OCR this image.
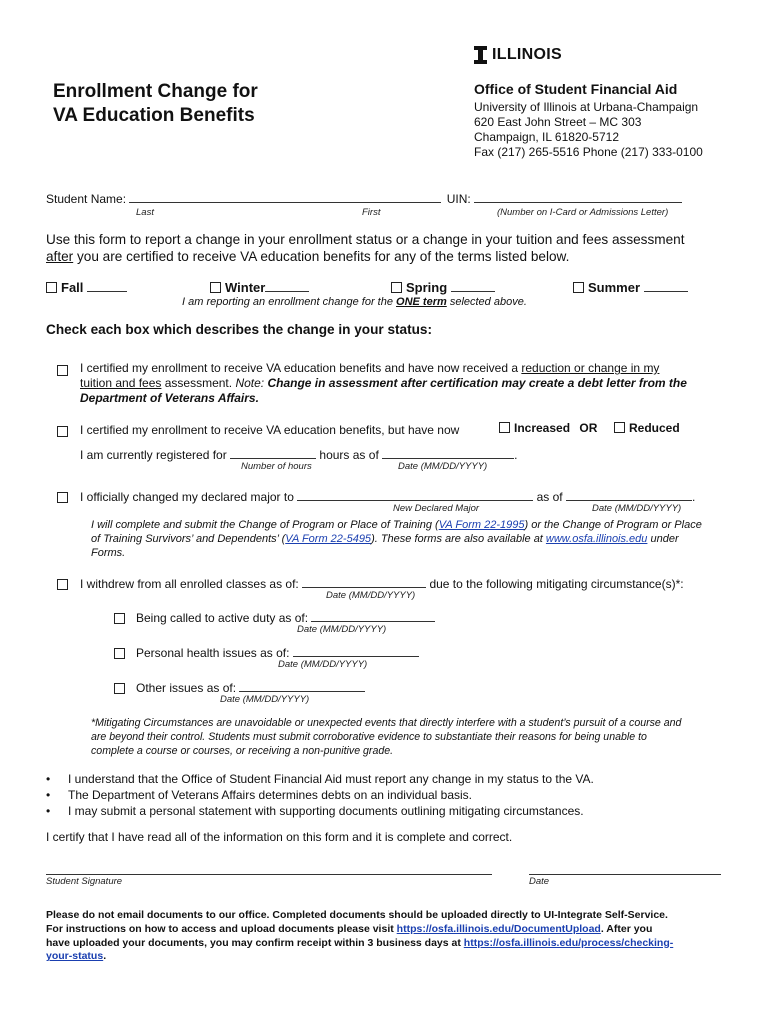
ILLINOIS
Enrollment Change for
VA Education Benefits
Office of Student Financial Aid
University of Illinois at Urbana-Champaign
620 East John Street – MC 303
Champaign, IL 61820-5712
Fax (217) 265-5516 Phone (217) 333-0100
Student Name:	UIN:
Last	First	(Number on I-Card or Admissions Letter)
Use this form to report a change in your enrollment status or a change in your tuition and fees assessment
after you are certified to receive VA education benefits for any of the terms listed below.
Fall	Winter	Spring	Summer
I am reporting an enrollment change for the ONE term selected above.
Check each box which describes the change in your status:
I certified my enrollment to receive VA education benefits and have now received a reduction or change in my
tuition and fees assessment. Note: Change in assessment after certification may create a debt letter from the
Department of Veterans Affairs.
I certified my enrollment to receive VA education benefits, but have now	Increased OR	Reduced
I am currently registered for	hours as of	.
Number of hours	Date (MM/DD/YYYY)
I officially changed my declared major to	as of	.
New Declared Major	Date (MM/DD/YYYY)
I will complete and submit the Change of Program or Place of Training (VA Form 22-1995) or the Change of Program or Place
of Training Survivors’ and Dependents’ (VA Form 22-5495). These forms are also available at www.osfa.illinois.edu under
Forms.
I withdrew from all enrolled classes as of:	due to the following mitigating circumstance(s)*:
Date (MM/DD/YYYY)
Being called to active duty as of:
Date (MM/DD/YYYY)
Personal health issues as of:
Date (MM/DD/YYYY)
Other issues as of:
Date (MM/DD/YYYY)
*Mitigating Circumstances are unavoidable or unexpected events that directly interfere with a student’s pursuit of a course and
are beyond their control. Students must submit corroborative evidence to substantiate their reasons for being unable to
complete a course or courses, or receiving a non-punitive grade.
• I understand that the Office of Student Financial Aid must report any change in my status to the VA.
• The Department of Veterans Affairs determines debts on an individual basis.
• I may submit a personal statement with supporting documents outlining mitigating circumstances.
I certify that I have read all of the information on this form and it is complete and correct.
Student Signature	Date
Please do not email documents to our office. Completed documents should be uploaded directly to UI-Integrate Self-Service.
For instructions on how to access and upload documents please visit https://osfa.illinois.edu/DocumentUpload. After you
have uploaded your documents, you may confirm receipt within 3 business days at https://osfa.illinois.edu/process/checking-
your-status.
